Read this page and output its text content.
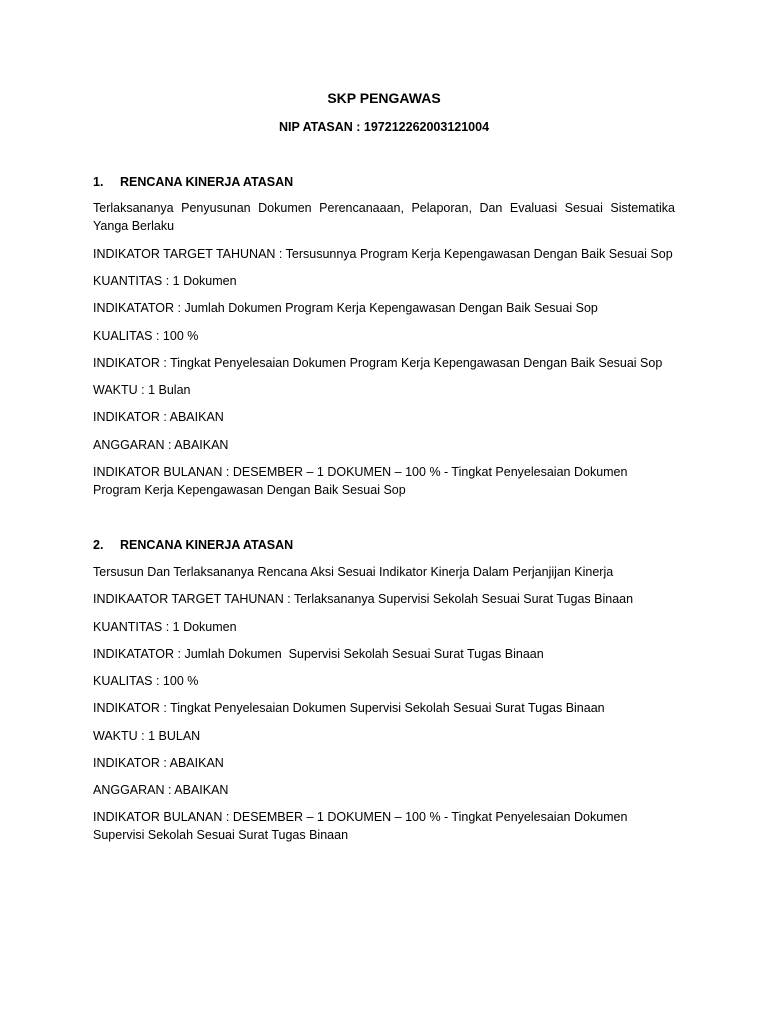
SKP PENGAWAS
NIP ATASAN : 197212262003121004
1. RENCANA KINERJA ATASAN
Terlaksananya Penyusunan Dokumen Perencanaaan, Pelaporan, Dan Evaluasi Sesuai Sistematika Yanga Berlaku
INDIKATOR TARGET TAHUNAN : Tersusunnya Program Kerja Kepengawasan Dengan Baik Sesuai Sop
KUANTITAS : 1 Dokumen
INDIKATATOR : Jumlah Dokumen Program Kerja Kepengawasan Dengan Baik Sesuai Sop
KUALITAS : 100 %
INDIKATOR : Tingkat Penyelesaian Dokumen Program Kerja Kepengawasan Dengan Baik Sesuai Sop
WAKTU : 1 Bulan
INDIKATOR : ABAIKAN
ANGGARAN : ABAIKAN
INDIKATOR BULANAN : DESEMBER – 1 DOKUMEN – 100 % - Tingkat Penyelesaian Dokumen Program Kerja Kepengawasan Dengan Baik Sesuai Sop
2. RENCANA KINERJA ATASAN
Tersusun Dan Terlaksananya Rencana Aksi Sesuai Indikator Kinerja Dalam Perjanjijan Kinerja
INDIKAATOR TARGET TAHUNAN : Terlaksananya Supervisi Sekolah Sesuai Surat Tugas Binaan
KUANTITAS : 1 Dokumen
INDIKATATOR : Jumlah Dokumen  Supervisi Sekolah Sesuai Surat Tugas Binaan
KUALITAS : 100 %
INDIKATOR : Tingkat Penyelesaian Dokumen Supervisi Sekolah Sesuai Surat Tugas Binaan
WAKTU : 1 BULAN
INDIKATOR : ABAIKAN
ANGGARAN : ABAIKAN
INDIKATOR BULANAN : DESEMBER – 1 DOKUMEN – 100 % - Tingkat Penyelesaian Dokumen Supervisi Sekolah Sesuai Surat Tugas Binaan
